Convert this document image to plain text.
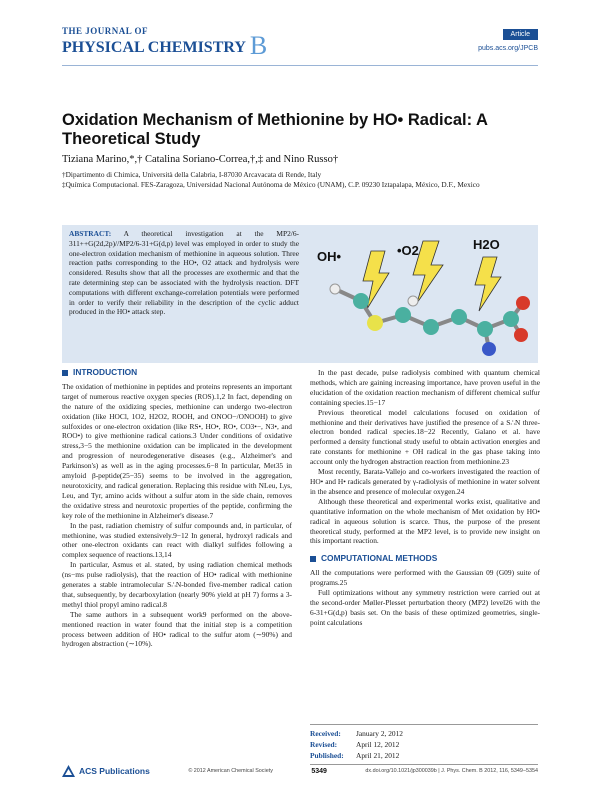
THE JOURNAL OF
PHYSICAL CHEMISTRY B	Article
pubs.acs.org/JPCB
Oxidation Mechanism of Methionine by HO• Radical: A Theoretical Study
Tiziana Marino,*,† Catalina Soriano-Correa,†,‡ and Nino Russo†
†Dipartimento di Chimica, Università della Calabria, I-87030 Arcavacata di Rende, Italy
‡Química Computacional. FES-Zaragoza, Universidad Nacional Autónoma de México (UNAM), C.P. 09230 Iztapalapa, México, D.F., Mexico
ABSTRACT: A theoretical investigation at the MP2/6-311++G(2d,2p)//MP2/6-31+G(d,p) level was employed in order to study the one-electron oxidation mechanism of methionine in aqueous solution. Three reaction paths corresponding to the HO•, O2 attack and hydrolysis were considered. Results show that all the processes are exothermic and that the rate determining step can be associated with the hydrolysis reaction. DFT computations with different exchange-correlation potentials were performed in order to verify their reliability in the description of the cyclic adduct produced in the HO• attack step.
OH•	•O2	H2O
INTRODUCTION

The oxidation of methionine in peptides and proteins represents an important target of numerous reactive oxygen species (ROS).1,2 In fact, depending on the nature of the oxidizing species, methionine can undergo two-electron oxidation (like HOCl, 1O2, H2O2, ROOH, and ONOO−/ONOOH) to give sulfoxides or one-electron oxidation (like RS•, HO•, RO•, CO3•−, N3•, and ROO•) to give methionine radical cations.3 Under conditions of oxidative stress,3−5 the methionine oxidation can be implicated in the development and progression of neurodegenerative diseases (e.g., Alzheimer's and Parkinson's) as well as in the aging processes.6−8 In particular, Met35 in amyloid β-peptide(25−35) seems to be involved in the aggregation, neurotoxicity, and radical generation. Replacing this residue with NLeu, Lys, Leu, and Tyr, amino acids without a sulfur atom in the side chain, removes the oxidative stress and neurotoxic properties of the peptide, confirming the key role of the methionine in Alzheimer's disease.7

In the past, radiation chemistry of sulfur compounds and, in particular, of methionine, was studied extensively.9−12 In general, hydroxyl radicals and other one-electron oxidants can react with dialkyl sulfides following a complex sequence of reactions.13,14

In particular, Asmus et al. stated, by using radiation chemical methods (ns−ms pulse radiolysis), that the reaction of HO• radical with methionine generates a stable intramolecular S∴N-bonded five-member radical cation that, subsequently, by decarboxylation (nearly 90% yield at pH 7) forms a 3-methyl thiol propyl amino radical.8

The same authors in a subsequent work9 performed on the above-mentioned reaction in water found that the initial step is a competition process between addition of HO• radical to the sulfur atom (∼90%) and hydrogen abstraction (∼10%).

In the past decade, pulse radiolysis combined with quantum chemical methods, which are gaining increasing importance, have proven useful in the elucidation of the oxidation reaction mechanism of different chemical sulfur containing species.15−17

Previous theoretical model calculations focused on oxidation of methionine and their derivatives have justified the presence of a S∴N three-electron bonded radical species.18−22 Recently, Galano et al. have performed a density functional study useful to obtain activation energies and rate constants for methionine + OH radical in the gas phase taking into account only the hydrogen abstraction reaction from methionine.23

Most recently, Barata-Vallejo and co-workers investigated the reaction of HO• and H• radicals generated by γ-radiolysis of methionine in water solvent in the absence and presence of molecular oxygen.24

Although these theoretical and experimental works exist, qualitative and quantitative information on the whole mechanism of Met oxidation by HO• radical in aqueous solution is scarce. Thus, the purpose of the present theoretical study, performed at the MP2 level, is to provide new insight on this important reaction.

COMPUTATIONAL METHODS

All the computations were performed with the Gaussian 09 (G09) suite of programs.25

Full optimizations without any symmetry restriction were carried out at the second-order Møller-Plesset perturbation theory (MP2) level26 with the 6-31+G(d,p) basis set. On the basis of these optimized geometries, single-point calculations

Received: January 2, 2012
Revised:	April 12, 2012
Published: April 21, 2012
ACS Publications	© 2012 American Chemical Society	5349	dx.doi.org/10.1021/jp300039b | J. Phys. Chem. B 2012, 116, 5349−5354
